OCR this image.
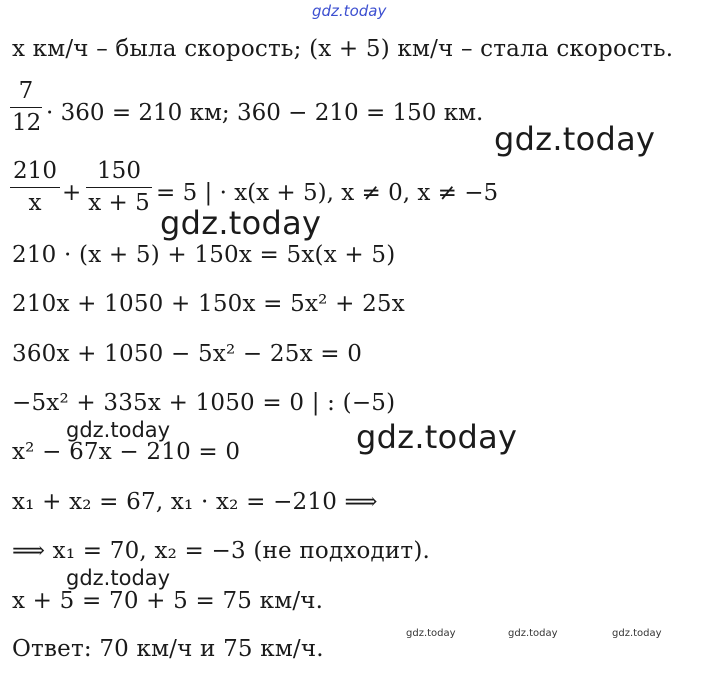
gdz.today
x км/ч – была скорость; (x + 5) км/ч – стала скорость.
7
12 · 360 = 210 км; 360 − 210 = 150 км.
210
x +
150
x + 5 = 5 | · x(x + 5), x ≠ 0, x ≠ −5
210 · (x + 5) + 150x = 5x(x + 5)
210x + 1050 + 150x = 5x² + 25x
360x + 1050 − 5x² − 25x = 0
−5x² + 335x + 1050 = 0 | : (−5)
x² − 67x − 210 = 0
x₁ + x₂ = 67, x₁ · x₂ = −210 ⟹
⟹ x₁ = 70, x₂ = −3 (не подходит).
x + 5 = 70 + 5 = 75 км/ч.
Ответ: 70 км/ч и 75 км/ч.
gdz.today
gdz.today
gdz.today
gdz.today
gdz.today
gdz.today	gdz.today	gdz.today
